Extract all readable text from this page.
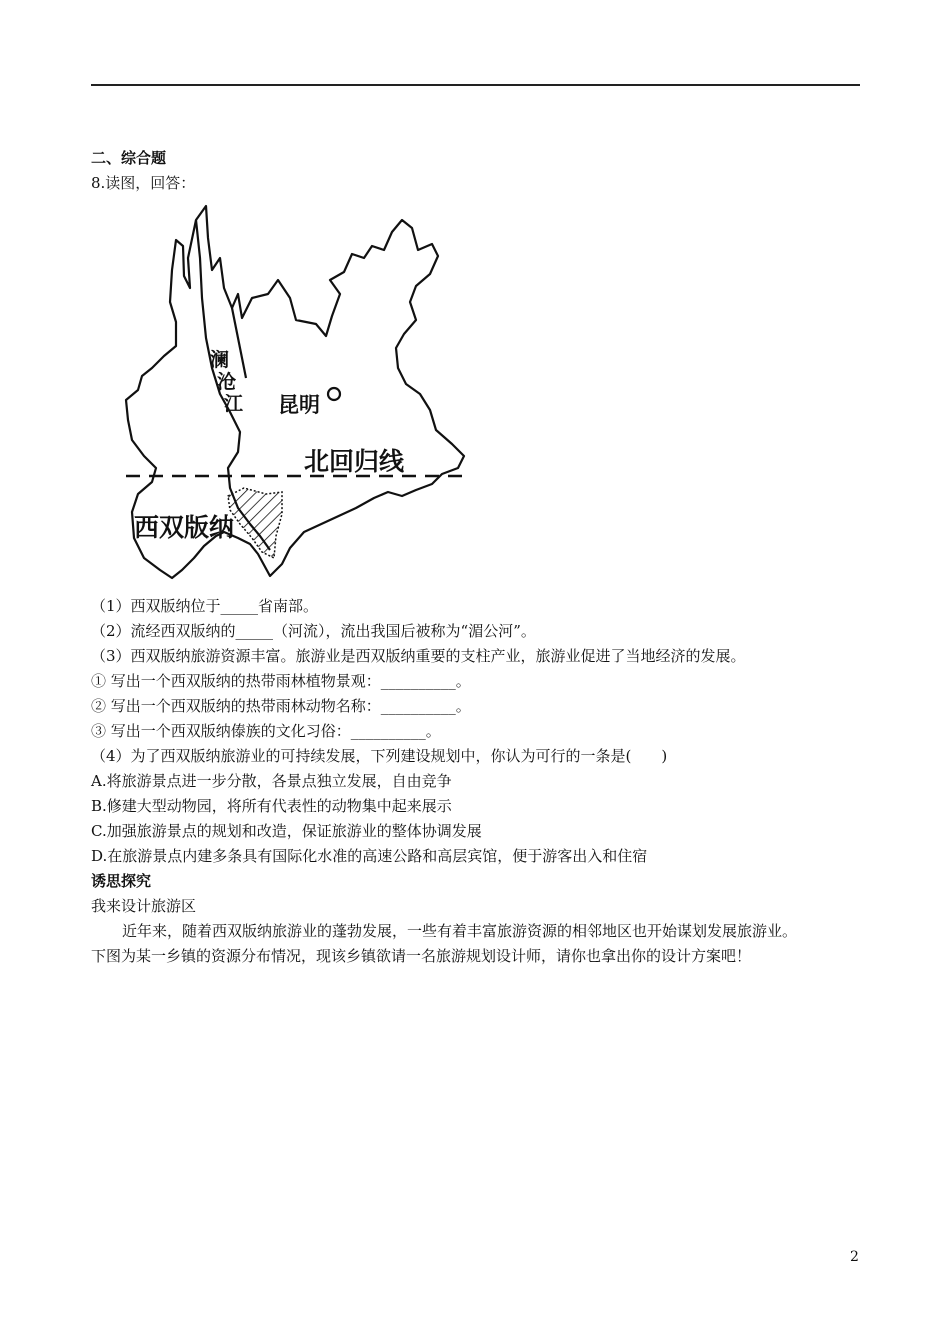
二、综合题
8.读图，回答：
澜
沧
江 昆明
北回归线
西双版纳
（1）西双版纳位于_____省南部。
（2）流经西双版纳的_____（河流），流出我国后被称为“湄公河”。
（3）西双版纳旅游资源丰富。旅游业是西双版纳重要的支柱产业，旅游业促进了当地经济的发展。
① 写出一个西双版纳的热带雨林植物景观：__________。
② 写出一个西双版纳的热带雨林动物名称：__________。
③ 写出一个西双版纳傣族的文化习俗：__________。
（4）为了西双版纳旅游业的可持续发展，下列建设规划中，你认为可行的一条是(　　)
A.将旅游景点进一步分散，各景点独立发展，自由竞争
B.修建大型动物园，将所有代表性的动物集中起来展示
C.加强旅游景点的规划和改造，保证旅游业的整体协调发展
D.在旅游景点内建多条具有国际化水准的高速公路和高层宾馆，便于游客出入和住宿
诱思探究
我来设计旅游区
近年来，随着西双版纳旅游业的蓬勃发展，一些有着丰富旅游资源的相邻地区也开始谋划发展旅游业。
下图为某一乡镇的资源分布情况，现该乡镇欲请一名旅游规划设计师，请你也拿出你的设计方案吧！
2
